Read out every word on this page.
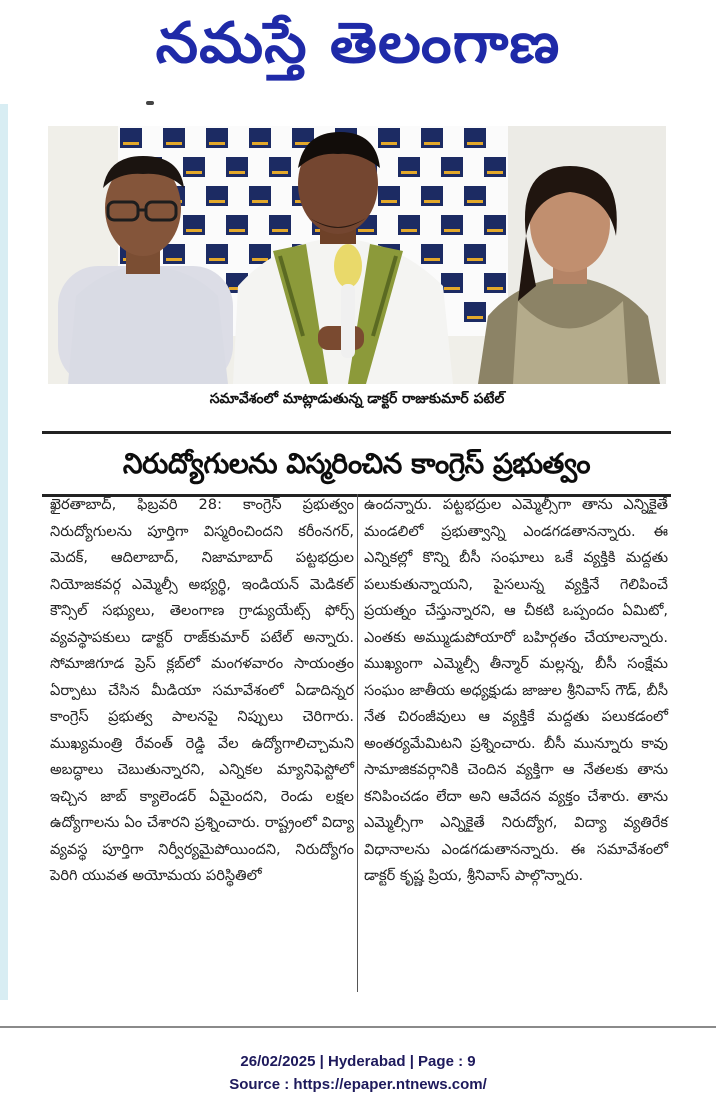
నమస్తే తెలంగాణ
సమావేశంలో మాట్లాడుతున్న డాక్టర్ రాజుకుమార్ పటేల్
నిరుద్యోగులను విస్మరించిన కాంగ్రెస్ ప్రభుత్వం
ఖైరతాబాద్, ఫిబ్రవరి 28: కాంగ్రెస్ ప్రభుత్వం నిరుద్యోగులను పూర్తిగా విస్మరించిందని కరీంనగర్, మెదక్, ఆదిలాబాద్, నిజామాబాద్ పట్టభద్రుల నియోజకవర్గ ఎమ్మెల్సీ అభ్యర్థి, ఇండియన్ మెడికల్ కౌన్సిల్ సభ్యులు, తెలంగాణ గ్రాడ్యుయేట్స్ ఫోర్స్ వ్యవస్థాపకులు డాక్టర్ రాజ్‌కుమార్ పటేల్ అన్నారు. సోమాజిగూడ ప్రెస్ క్లబ్‌లో మంగళవారం సాయంత్రం ఏర్పాటు చేసిన మీడియా సమావేశంలో ఏడాదిన్నర కాంగ్రెస్ ప్రభుత్వ పాలనపై నిప్పులు చెరిగారు. ముఖ్యమంత్రి రేవంత్ రెడ్డి వేల ఉద్యోగాలిచ్చామని అబద్ధాలు చెబుతున్నారని, ఎన్నికల మ్యానిఫెస్టోలో ఇచ్చిన జాబ్ క్యాలెండర్ ఏమైందని, రెండు లక్షల ఉద్యోగాలను ఏం చేశారని ప్రశ్నించారు. రాష్ట్రంలో విద్యా వ్యవస్థ పూర్తిగా నిర్వీర్యమైపోయిందని, నిరుద్యోగం పెరిగి యువత అయోమయ పరిస్థితిలో
ఉందన్నారు. పట్టభద్రుల ఎమ్మెల్సీగా తాను ఎన్నికైతే మండలిలో ప్రభుత్వాన్ని ఎండగడతానన్నారు. ఈ ఎన్నికల్లో కొన్ని బీసీ సంఘాలు ఒకే వ్యక్తికి మద్దతు పలుకుతున్నాయని, పైసలున్న వ్యక్తినే గెలిపించే ప్రయత్నం చేస్తున్నారని, ఆ చీకటి ఒప్పందం ఏమిటో, ఎంతకు అమ్ముడుపోయారో బహిర్గతం చేయాలన్నారు. ముఖ్యంగా ఎమ్మెల్సీ తీన్మార్ మల్లన్న, బీసీ సంక్షేమ సంఘం జాతీయ అధ్యక్షుడు జాజుల శ్రీనివాస్ గౌడ్, బీసీ నేత చిరంజీవులు ఆ వ్యక్తికే మద్దతు పలుకడంలో అంతర్యమేమిటని ప్రశ్నించారు. బీసీ మున్నూరు కావు సామాజికవర్గానికి చెందిన వ్యక్తిగా ఆ నేతలకు తాను కనిపించడం లేదా అని ఆవేదన వ్యక్తం చేశారు. తాను ఎమ్మెల్సీగా ఎన్నికైతే నిరుద్యోగ, విద్యా వ్యతిరేక విధానాలను ఎండగడుతానన్నారు. ఈ సమావేశంలో డాక్టర్ కృష్ణ ప్రియ, శ్రీనివాస్ పాల్గొన్నారు.
26/02/2025 | Hyderabad | Page : 9
Source : https://epaper.ntnews.com/
